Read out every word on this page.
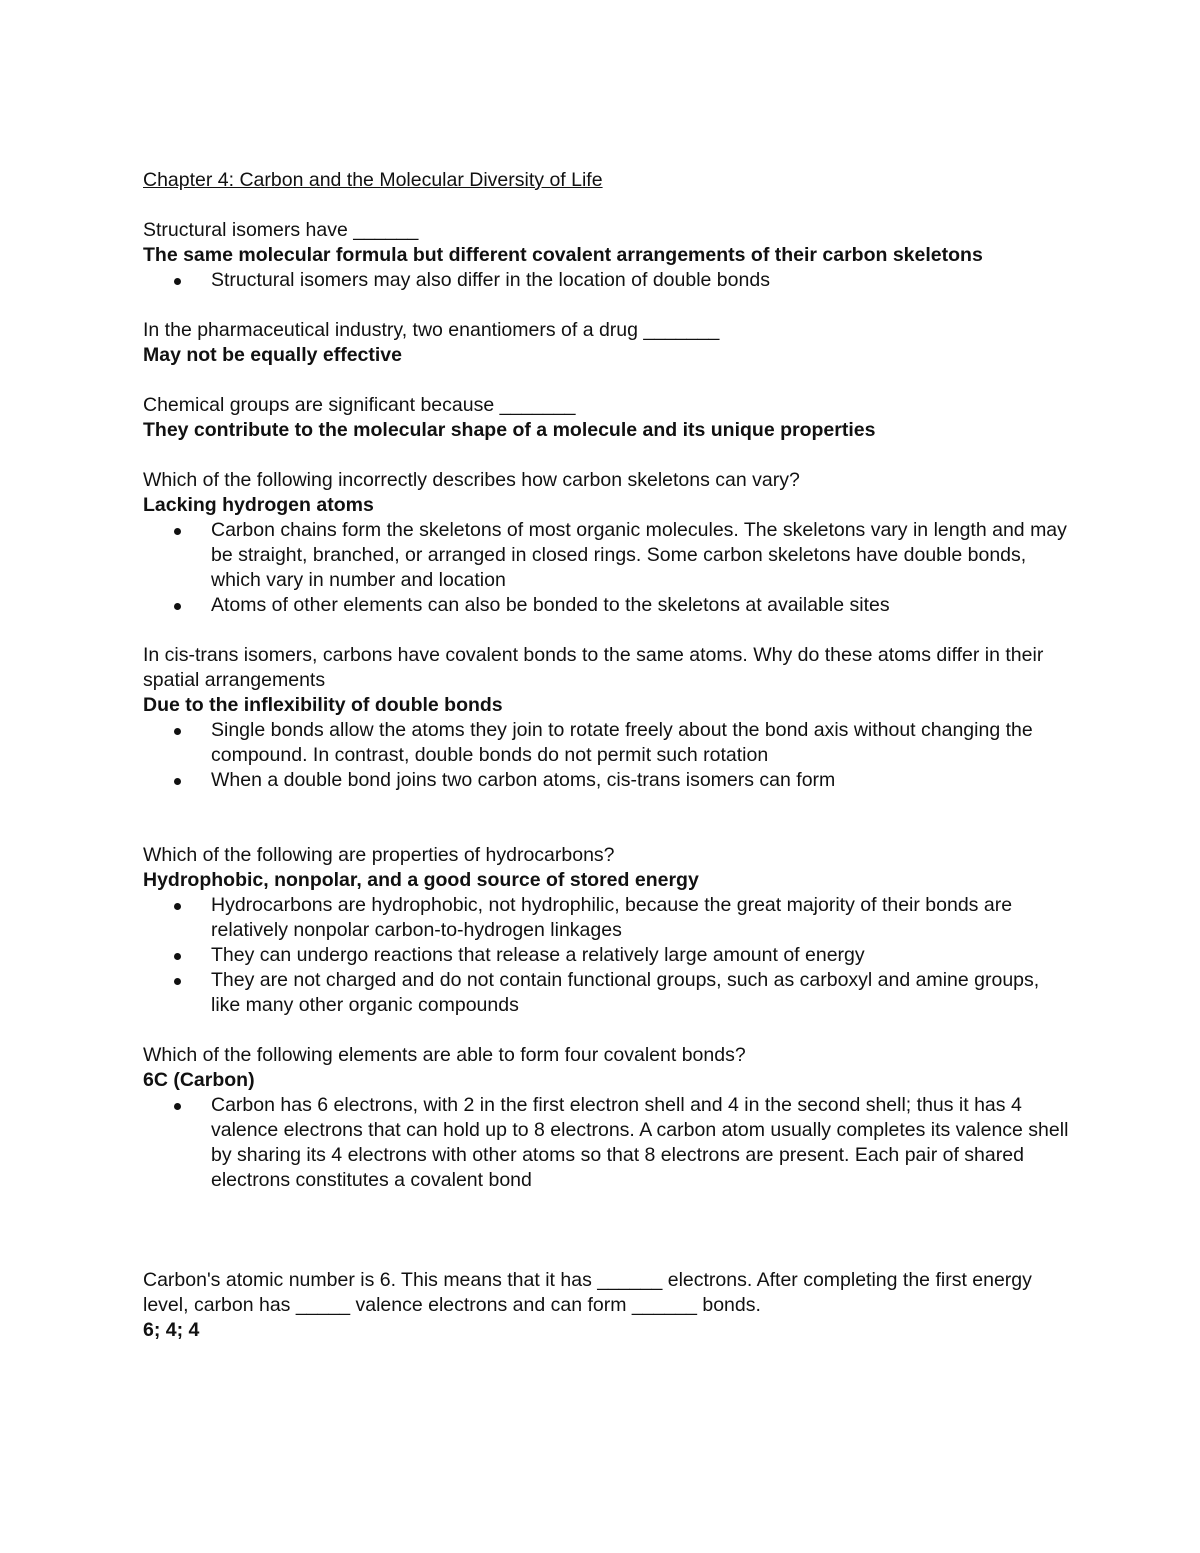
Chapter 4: Carbon and the Molecular Diversity of Life

Structural isomers have ______

The same molecular formula but different covalent arrangements of their carbon skeletons

Structural isomers may also differ in the location of double bonds

In the pharmaceutical industry, two enantiomers of a drug _______

May not be equally effective

Chemical groups are significant because _______

They contribute to the molecular shape of a molecule and its unique properties

Which of the following incorrectly describes how carbon skeletons can vary?

Lacking hydrogen atoms

Carbon chains form the skeletons of most organic molecules. The skeletons vary in length and may be straight, branched, or arranged in closed rings. Some carbon skeletons have double bonds, which vary in number and location
Atoms of other elements can also be bonded to the skeletons at available sites

In cis-trans isomers, carbons have covalent bonds to the same atoms. Why do these atoms differ in their spatial arrangements

Due to the inflexibility of double bonds

Single bonds allow the atoms they join to rotate freely about the bond axis without changing the compound. In contrast, double bonds do not permit such rotation
When a double bond joins two carbon atoms, cis-trans isomers can form

Which of the following are properties of hydrocarbons?

Hydrophobic, nonpolar, and a good source of stored energy

Hydrocarbons are hydrophobic, not hydrophilic, because the great majority of their bonds are relatively nonpolar carbon-to-hydrogen linkages
They can undergo reactions that release a relatively large amount of energy
They are not charged and do not contain functional groups, such as carboxyl and amine groups, like many other organic compounds

Which of the following elements are able to form four covalent bonds?

6C (Carbon)

Carbon has 6 electrons, with 2 in the first electron shell and 4 in the second shell; thus it has 4 valence electrons that can hold up to 8 electrons. A carbon atom usually completes its valence shell by sharing its 4 electrons with other atoms so that 8 electrons are present. Each pair of shared electrons constitutes a covalent bond

Carbon's atomic number is 6. This means that it has ______ electrons. After completing the first energy level, carbon has _____ valence electrons and can form ______ bonds.

6; 4; 4
